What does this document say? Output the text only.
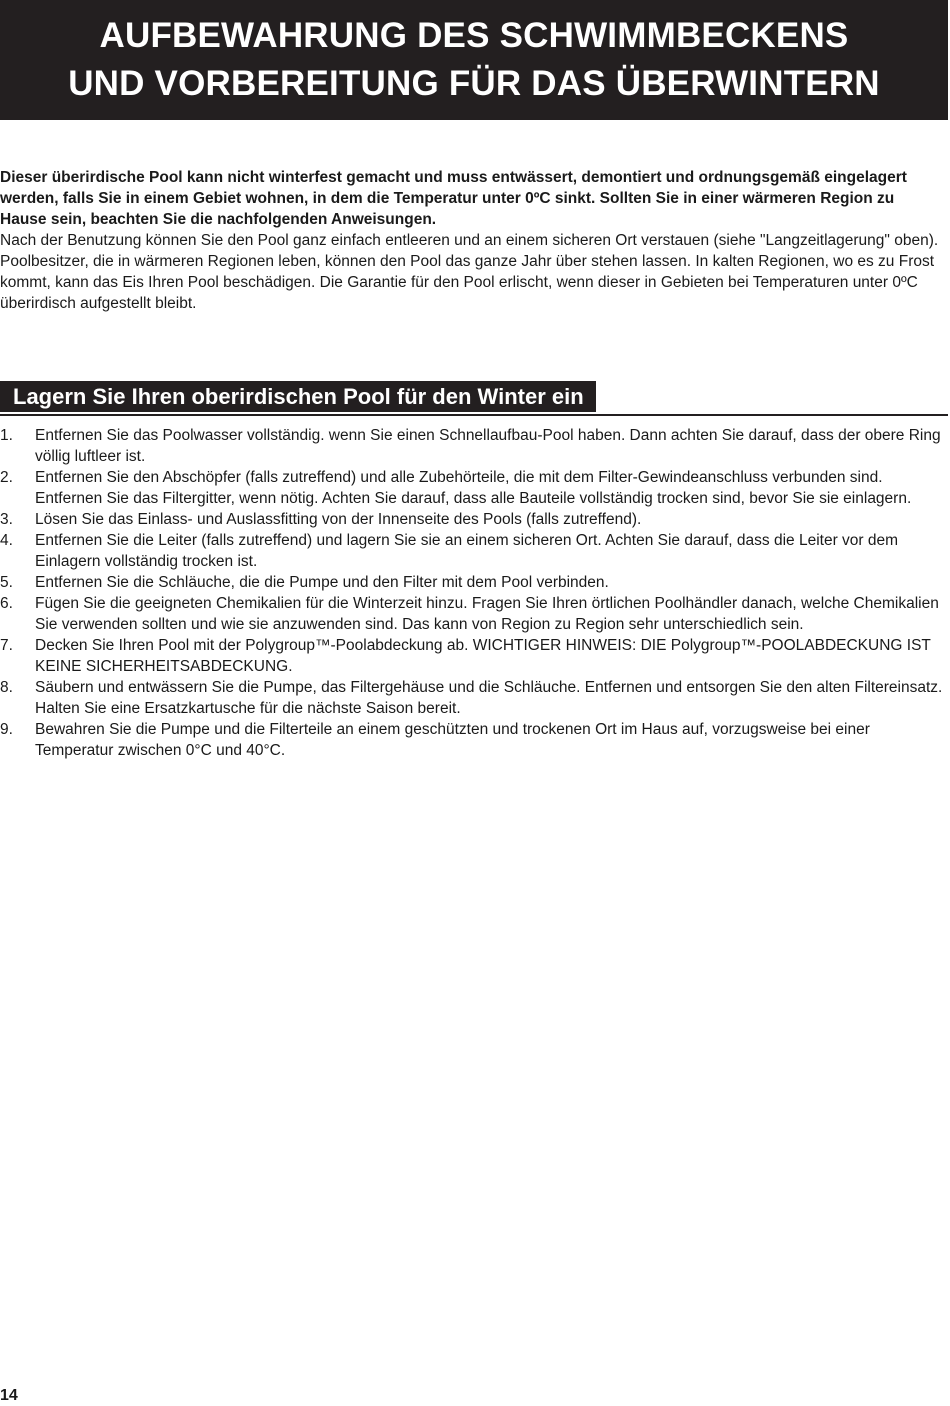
AUFBEWAHRUNG DES SCHWIMMBECKENS
UND VORBEREITUNG FÜR DAS ÜBERWINTERN

Dieser überirdische Pool kann nicht winterfest gemacht und muss entwässert, demontiert und ordnungsgemäß eingelagert werden, falls Sie in einem Gebiet wohnen, in dem die Temperatur unter 0ºC sinkt. Sollten Sie in einer wärmeren Region zu Hause sein, beachten Sie die nachfolgenden Anweisungen.

Nach der Benutzung können Sie den Pool ganz einfach entleeren und an einem sicheren Ort verstauen (siehe "Langzeitlagerung" oben). Poolbesitzer, die in wärmeren Regionen leben, können den Pool das ganze Jahr über stehen lassen. In kalten Regionen, wo es zu Frost kommt, kann das Eis Ihren Pool beschädigen. Die Garantie für den Pool erlischt, wenn dieser in Gebieten bei Temperaturen unter 0ºC überirdisch aufgestellt bleibt.

Lagern Sie Ihren oberirdischen Pool für den Winter ein
1. Entfernen Sie das Poolwasser vollständig. wenn Sie einen Schnellaufbau-Pool haben. Dann achten Sie darauf, dass der obere Ring völlig luftleer ist.
2. Entfernen Sie den Abschöpfer (falls zutreffend) und alle Zubehörteile, die mit dem Filter-Gewindeanschluss verbunden sind. Entfernen Sie das Filtergitter, wenn nötig. Achten Sie darauf, dass alle Bauteile vollständig trocken sind, bevor Sie sie einlagern.
3. Lösen Sie das Einlass- und Auslassfitting von der Innenseite des Pools (falls zutreffend).
4. Entfernen Sie die Leiter (falls zutreffend) und lagern Sie sie an einem sicheren Ort. Achten Sie darauf, dass die Leiter vor dem Einlagern vollständig trocken ist.
5. Entfernen Sie die Schläuche, die die Pumpe und den Filter mit dem Pool verbinden.
6. Fügen Sie die geeigneten Chemikalien für die Winterzeit hinzu. Fragen Sie Ihren örtlichen Poolhändler danach, welche Chemikalien Sie verwenden sollten und wie sie anzuwenden sind. Das kann von Region zu Region sehr unterschiedlich sein.
7. Decken Sie Ihren Pool mit der Polygroup™-Poolabdeckung ab. WICHTIGER HINWEIS: DIE Polygroup™-POOLABDECKUNG IST KEINE SICHERHEITSABDECKUNG.
8. Säubern und entwässern Sie die Pumpe, das Filtergehäuse und die Schläuche. Entfernen und entsorgen Sie den alten Filtereinsatz. Halten Sie eine Ersatzkartusche für die nächste Saison bereit.
9. Bewahren Sie die Pumpe und die Filterteile an einem geschützten und trockenen Ort im Haus auf, vorzugsweise bei einer Temperatur zwischen 0°C und 40°C.
14
